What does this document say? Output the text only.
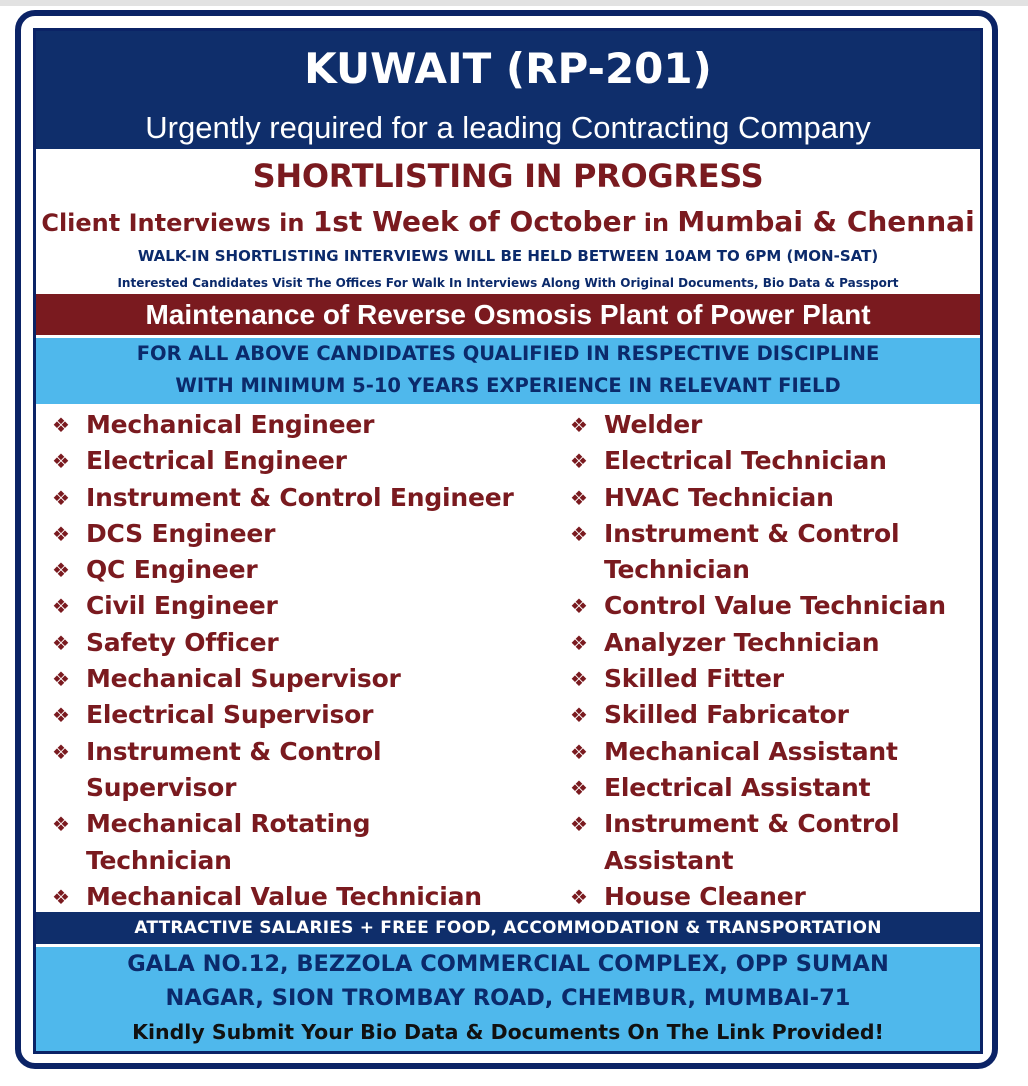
KUWAIT (RP-201)
Urgently required for a leading Contracting Company
SHORTLISTING IN PROGRESS
Client Interviews in 1st Week of October in Mumbai & Chennai
WALK-IN SHORTLISTING INTERVIEWS WILL BE HELD BETWEEN 10AM TO 6PM (MON-SAT)
Interested Candidates Visit The Offices For Walk In Interviews Along With Original Documents, Bio Data & Passport
Maintenance of Reverse Osmosis Plant of Power Plant
FOR ALL ABOVE CANDIDATES QUALIFIED IN RESPECTIVE DISCIPLINE
WITH MINIMUM 5-10 YEARS EXPERIENCE IN RELEVANT FIELD
❖ Mechanical Engineer
❖ Electrical Engineer
❖ Instrument & Control Engineer
❖ DCS Engineer
❖ QC Engineer
❖ Civil Engineer
❖ Safety Officer
❖ Mechanical Supervisor
❖ Electrical Supervisor
❖ Instrument & Control
Supervisor
❖ Mechanical Rotating
Technician
❖ Mechanical Value Technician
❖ Welder
❖ Electrical Technician
❖ HVAC Technician
❖ Instrument & Control
Technician
❖ Control Value Technician
❖ Analyzer Technician
❖ Skilled Fitter
❖ Skilled Fabricator
❖ Mechanical Assistant
❖ Electrical Assistant
❖ Instrument & Control
Assistant
❖ House Cleaner
ATTRACTIVE SALARIES + FREE FOOD, ACCOMMODATION & TRANSPORTATION
GALA NO.12, BEZZOLA COMMERCIAL COMPLEX, OPP SUMAN
NAGAR, SION TROMBAY ROAD, CHEMBUR, MUMBAI-71
Kindly Submit Your Bio Data & Documents On The Link Provided!
